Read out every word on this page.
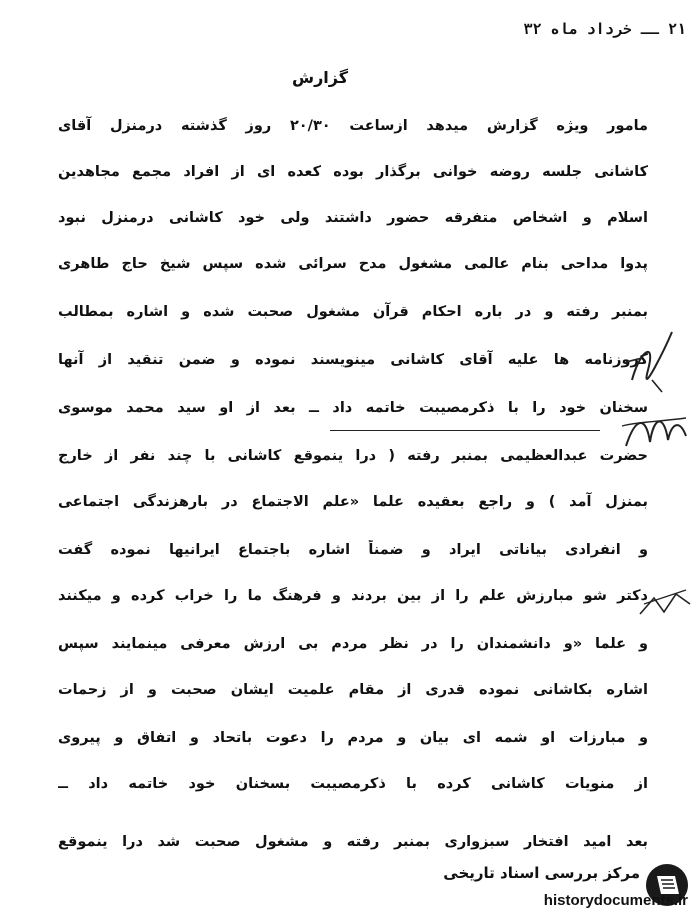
۲۱ ــ خرداد ماه ۳۲
گزارش
مامور ویژه گزارش میدهد ازساعت ۲۰/۳۰ روز گذشته درمنزل آقای
کاشانی جلسه روضه خوانی برگذار بوده کعده ای از افراد مجمع مجاهدین
اسلام و اشخاص متفرقه حضور داشتند ولی خود کاشانی درمنزل نبود
پدوا مداحی بنام عالمی مشغول مدح سرائی شده سپس شیخ حاج طاهری
بمنبر رفته و در باره احکام قرآن مشغول صحبت شده و اشاره بمطالب
کروزنامه ها علیه آقای کاشانی مینویسند نموده و ضمن تنقید از آنها
سخنان خود را با ذکرمصیبت خاتمه داد ــ بعد از او سید محمد موسوی
حضرت عبدالعظیمی بمنبر رفته ( درا ینموقع کاشانی با چند نفر از خارج
بمنزل آمد ) و راجع بعقیده علما «علم الاجتماع در بارهزندگی اجتماعی
و انفرادی بیاناتی ایراد و ضمناً اشاره باجتماع ایرانیها نموده گفت
دکتر شو مبارزش علم را از بین بردند و فرهنگ ما را خراب کرده و میکنند
و علما «و دانشمندان را در نظر مردم بی ارزش معرفی مینمایند سپس
اشاره بکاشانی نموده قدری از مقام علمیت ایشان صحبت و از زحمات
و مبارزات او شمه ای بیان و مردم را دعوت باتحاد و اتفاق و پیروی
از منویات کاشانی کرده با ذکرمصیبت بسخنان خود خاتمه داد ــ
بعد امید افتخار سبزواری بمنبر رفته و مشغول صحبت شد درا ینموقع
مرکز بررسی اسناد تاریخی
historydocuments.ir
